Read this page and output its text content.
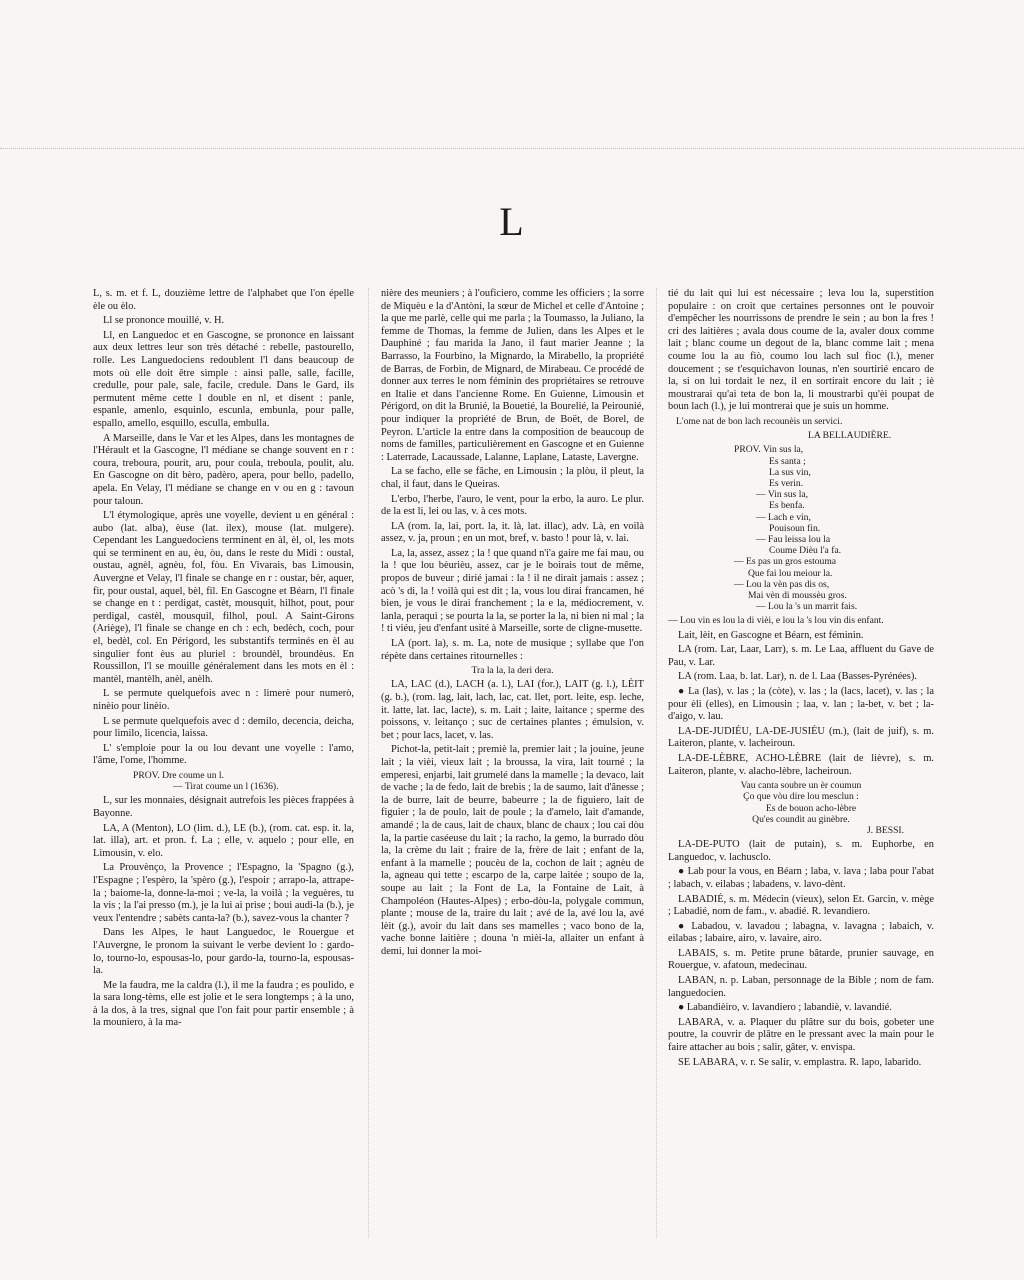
L

L, s. m. et f. L, douzième lettre de l'alphabet que l'on épelle èle ou èlo.

Ll se prononce mouillé, v. H.

Ll, en Languedoc et en Gascogne, se prononce en laissant aux deux lettres leur son très détaché : rebelle, pastourello, rolle. Les Languedociens redoublent l'l dans beaucoup de mots où elle doit être simple : ainsi palle, salle, facille, credulle, pour pale, sale, facile, credule. Dans le Gard, ils permutent même cette l double en nl, et disent : panle, espanle, amenlo, esquinlo, escunla, embunla, pour palle, espallo, amello, esquillo, esculla, embulla.

A Marseille, dans le Var et les Alpes, dans les montagnes de l'Hérault et la Gascogne, l'l médiane se change souvent en r : coura, treboura, pourit, aru, pour coula, treboula, poulit, alu. En Gascogne on dit bèro, padèro, apera, pour bello, padello, apela. En Velay, l'l médiane se change en v ou en g : tavoun pour taloun.

L'l étymologique, après une voyelle, devient u en général : aubo (lat. alba), èuse (lat. ilex), mouse (lat. mulgere). Cependant les Languedociens terminent en àl, èl, ol, les mots qui se terminent en au, èu, òu, dans le reste du Midi : oustal, oustau, agnèl, agnèu, fol, fòu. En Vivarais, bas Limousin, Auvergne et Velay, l'l finale se change en r : oustar, bèr, aquer, fir, pour oustal, aquel, bèl, fil. En Gascogne et Béarn, l'l finale se change en t : perdigat, castèt, mousquit, hilhot, pout, pour perdigal, castèl, mousquil, filhol, poul. A Saint-Girons (Ariège), l'l finale se change en ch : ech, bedèch, coch, pour el, bedèl, col. En Périgord, les substantifs terminés en èl au singulier font èus au pluriel : broundèl, broundèus. En Roussillon, l'l se mouille généralement dans les mots en èl : mantèl, mantèlh, anèl, anèlh.

L se permute quelquefois avec n : limerè pour numerò, ninèio pour linèio.

L se permute quelquefois avec d : demilo, decencia, deicha, pour limilo, licencia, laissa.

L' s'emploie pour la ou lou devant une voyelle : l'amo, l'âme, l'ome, l'homme.

PROV. Dre coume un l.
— Tirat coume un l (1636).

L, sur les monnaies, désignait autrefois les pièces frappées à Bayonne.

LA, A (Menton), LO (lim. d.), LE (b.), (rom. cat. esp. it. la, lat. illa), art. et pron. f. La ; elle, v. aquelo ; pour elle, en Limousin, v. elo.

La Prouvènço, la Provence ; l'Espagno, la 'Spagno (g.), l'Espagne ; l'espèro, la 'spèro (g.), l'espoir ; arrapo-la, attrape-la ; baiome-la, donne-la-moi ; ve-la, la voilà ; la veguères, tu la vis ; la l'ai presso (m.), je la lui ai prise ; boui audi-la (b.), je veux l'entendre ; sabèts canta-la? (b.), savez-vous la chanter ?

Dans les Alpes, le haut Languedoc, le Rouergue et l'Auvergne, le pronom la suivant le verbe devient lo : gardo-lo, tourno-lo, espousas-lo, pour gardo-la, tourno-la, espousas-la.

Me la faudra, me la caldra (l.), il me la faudra ; es poulido, e la sara long-tèms, elle est jolie et le sera longtemps ; à la uno, à la dos, à la tres, signal que l'on fait pour partir ensemble ; à la mouniero, à la ma-

nière des meuniers ; à l'ouficiero, comme les officiers ; la sorre de Miquèu e la d'Antòni, la sœur de Michel et celle d'Antoine ; la que me parlè, celle qui me parla ; la Toumasso, la Juliano, la femme de Thomas, la femme de Julien, dans les Alpes et le Dauphiné ; fau marida la Jano, il faut marier Jeanne ; la Barrasso, la Fourbino, la Mignardo, la Mirabello, la propriété de Barras, de Forbin, de Mignard, de Mirabeau. Ce procédé de donner aux terres le nom féminin des propriétaires se retrouve en Italie et dans l'ancienne Rome. En Guienne, Limousin et Périgord, on dit la Brunié, la Bouetié, la Bourelié, la Peirounié, pour indiquer la propriété de Brun, de Boët, de Borel, de Peyron. L'article la entre dans la composition de beaucoup de noms de familles, particulièrement en Gascogne et en Guienne : Laterrade, Lacaussade, Lalanne, Laplane, Lataste, Lavergne.

La se facho, elle se fâche, en Limousin ; la plòu, il pleut, la chal, il faut, dans le Queiras.

L'erbo, l'herbe, l'auro, le vent, pour la erbo, la auro. Le plur. de la est li, lei ou las, v. à ces mots.

LA (rom. la, lai, port. la, it. là, lat. illac), adv. Là, en voilà assez, v. ja, proun ; en un mot, bref, v. basto ! pour là, v. lai.

La, la, assez, assez ; la ! que quand n'i'a gaire me fai mau, ou la ! que lou bèurièu, assez, car je le boirais tout de même, propos de buveur ; dirié jamai : la ! il ne dirait jamais : assez ; acò 's di, la ! voilà qui est dit ; la, vous lou dirai francamen, hé bien, je vous le dirai franchement ; la e la, médiocrement, v. lanla, peraqui ; se pourta la la, se porter la la, ni bien ni mal ; la ! ti viéu, jeu d'enfant usité à Marseille, sorte de cligne-musette.

LA (port. la), s. m. La, note de musique ; syllabe que l'on répète dans certaines ritournelles :

Tra la la, la deri dera.

LA, LAC (d.), LACH (a. l.), LAI (for.), LAIT (g. l.), LÈIT (g. b.), (rom. lag, lait, lach, lac, cat. llet, port. leite, esp. leche, it. latte, lat. lac, lacte), s. m. Lait ; laite, laitance ; sperme des poissons, v. leitanço ; suc de certaines plantes ; émulsion, v. bet ; pour lacs, lacet, v. las.

Pichot-la, petit-lait ; premiè la, premier lait ; la jouine, jeune lait ; la vièi, vieux lait ; la broussa, la vira, lait tourné ; la emperesi, enjarbi, lait grumelé dans la mamelle ; la devaco, lait de vache ; la de fedo, lait de brebis ; la de saumo, lait d'ânesse ; la de burre, lait de beurre, babeurre ; la de figuiero, lait de figuier ; la de poulo, lait de poule ; la d'amelo, lait d'amande, amandé ; la de caus, lait de chaux, blanc de chaux ; lou cai dòu la, la partie caséeuse du lait ; la racho, la gemo, la burrado dòu la, la crème du lait ; fraire de la, frère de lait ; enfant de la, enfant à la mamelle ; poucèu de la, cochon de lait ; agnèu de la, agneau qui tette ; escarpo de la, carpe laitée ; soupo de la, soupe au lait ; la Font de La, la Fontaine de Lait, à Champoléon (Hautes-Alpes) ; erbo-dòu-la, polygale commun, plante ; mouse de la, traire du lait ; avé de la, avé lou la, avé lèit (g.), avoir du lait dans ses mamelles ; vaco bono de la, vache bonne laitière ; douna 'n mièi-la, allaiter un enfant à demi, lui donner la moi-

tié du lait qui lui est nécessaire ; leva lou la, superstition populaire : on croit que certaines personnes ont le pouvoir d'empêcher les nourrissons de prendre le sein ; au bon la fres ! cri des laitières ; avala dous coume de la, avaler doux comme lait ; blanc coume un degout de la, blanc comme lait ; mena coume lou la au fiò, coumo lou lach sul fioc (l.), mener doucement ; se t'esquichavon lounas, n'en sourtirié encaro de la, si on lui tordait le nez, il en sortirait encore du lait ; iè moustrarai qu'ai teta de bon la, li moustrarbi qu'èi poupat de boun lach (l.), je lui montrerai que je suis un homme.

L'ome nat de bon lach recounèis un servici.
LA BELLAUDIÈRE.
PROV. Vin sus la,
Es santa ;
La sus vin,
Es verin.
— Vin sus la,
Es benfa.
— Lach e vin,
Pouisoun fin.
— Fau leissa lou la
Coume Dièu l'a fa.
— Es pas un gros estouma
Que fai lou meiour la.
— Lou la vèn pas dis os,
Mai vèn di moussèu gros.
— Lou la 's un marrit fais.
— Lou vin es lou la di vièi, e lou la 's lou vin dis enfant.

Lait, lèit, en Gascogne et Béarn, est féminin.

LA (rom. Lar, Laar, Larr), s. m. Le Laa, affluent du Gave de Pau, v. Lar.

LA (rom. Laa, b. lat. Lar), n. de l. Laa (Basses-Pyrénées).

● La (las), v. las ; la (còte), v. las ; la (lacs, lacet), v. las ; la pour èli (elles), en Limousin ; laa, v. lan ; la-bet, v. bet ; la-d'aigo, v. lau.

LA-DE-JUDIÉU, LA-DE-JUSIÉU (m.), (lait de juif), s. m. Laiteron, plante, v. lacheiroun.

LA-DE-LÈBRE, ACHO-LÈBRE (lait de lièvre), s. m. Laiteron, plante, v. alacho-lèbre, lacheiroun.

Vau canta soubre un èr coumun
Ço que vòu dire lou mesclun :
Es de bouon acho-lèbre
Qu'es coundit au ginèbre.
J. BESSI.

LA-DE-PUTO (lait de putain), s. m. Euphorbe, en Languedoc, v. lachusclo.

● Lab pour la vous, en Béarn ; laba, v. lava ; laba pour l'abat ; labach, v. eilabas ; labadens, v. lavo-dènt.

LABADIÉ, s. m. Médecin (vieux), selon Et. Garcin, v. mège ; Labadié, nom de fam., v. abadié. R. levandiero.

● Labadou, v. lavadou ; labagna, v. lavagna ; labaich, v. eilabas ; labaire, airo, v. lavaire, airo.

LABAIS, s. m. Petite prune bâtarde, prunier sauvage, en Rouergue, v. afatoun, medecinau.

LABAN, n. p. Laban, personnage de la Bible ; nom de fam. languedocien.

● Labandièiro, v. lavandiero ; labandiè, v. lavandié.

LABARA, v. a. Plaquer du plâtre sur du bois, gobeter une poutre, la couvrir de plâtre en le pressant avec la main pour le faire attacher au bois ; salir, gâter, v. envispa.

SE LABARA, v. r. Se salir, v. emplastra. R. lapo, labarido.
